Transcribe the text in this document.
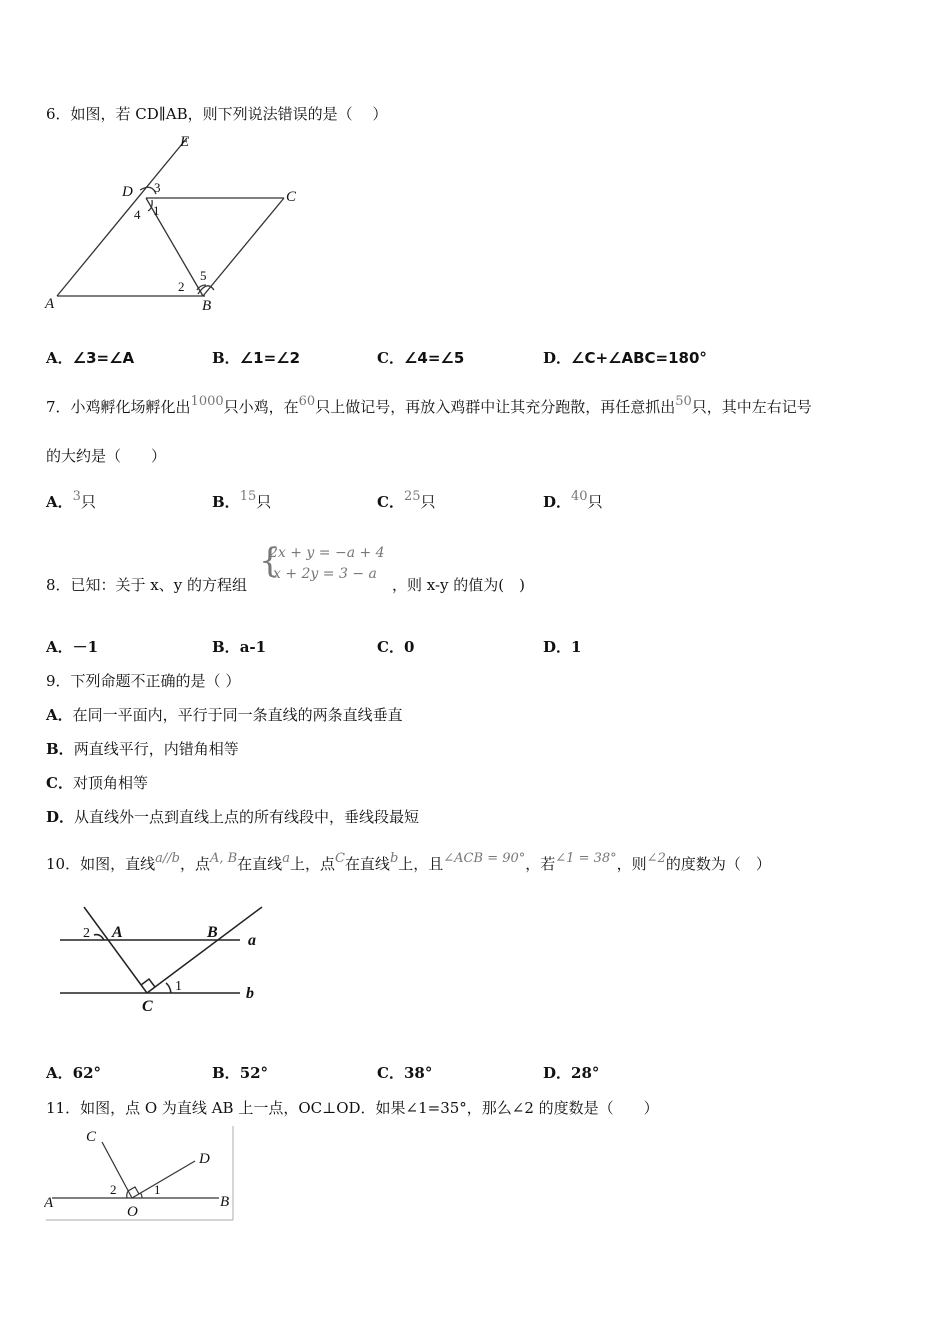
6．如图，若 CD∥AB，则下列说法错误的是（　 ）
E
D	C
A	B
3
1
4
2
5
A．∠3=∠A	B．∠1=∠2	C．∠4=∠5	D．∠C+∠ABC=180°
7．小鸡孵化场孵化出1000只小鸡，在60只上做记号，再放入鸡群中让其充分跑散，再任意抓出50只，其中左右记号
的大约是（　　）
A．3只	B．15只	C．25只	D．40只
8．已知：关于 x、y 的方程组
{
2x + y = −a + 4
x + 2y = 3 − a
，则 x-y 的值为(　)
A．－1	B．a-1	C．0	D．1
9．下列命题不正确的是（ ）
A．在同一平面内，平行于同一条直线的两条直线垂直
B．两直线平行，内错角相等
C．对顶角相等
D．从直线外一点到直线上点的所有线段中，垂线段最短
10．如图，直线a//b，点A, B在直线a上，点C在直线b上，且∠ACB = 90°，若∠1 = 38°，则∠2的度数为（　）
A	B
C
a
b
2
1
A．62°	B．52°	C．38°	D．28°
11．如图，点 O 为直线 AB 上一点，OC⊥OD．如果∠1=35°，那么∠2 的度数是（　　）
C
D
A	B
O
2	1
